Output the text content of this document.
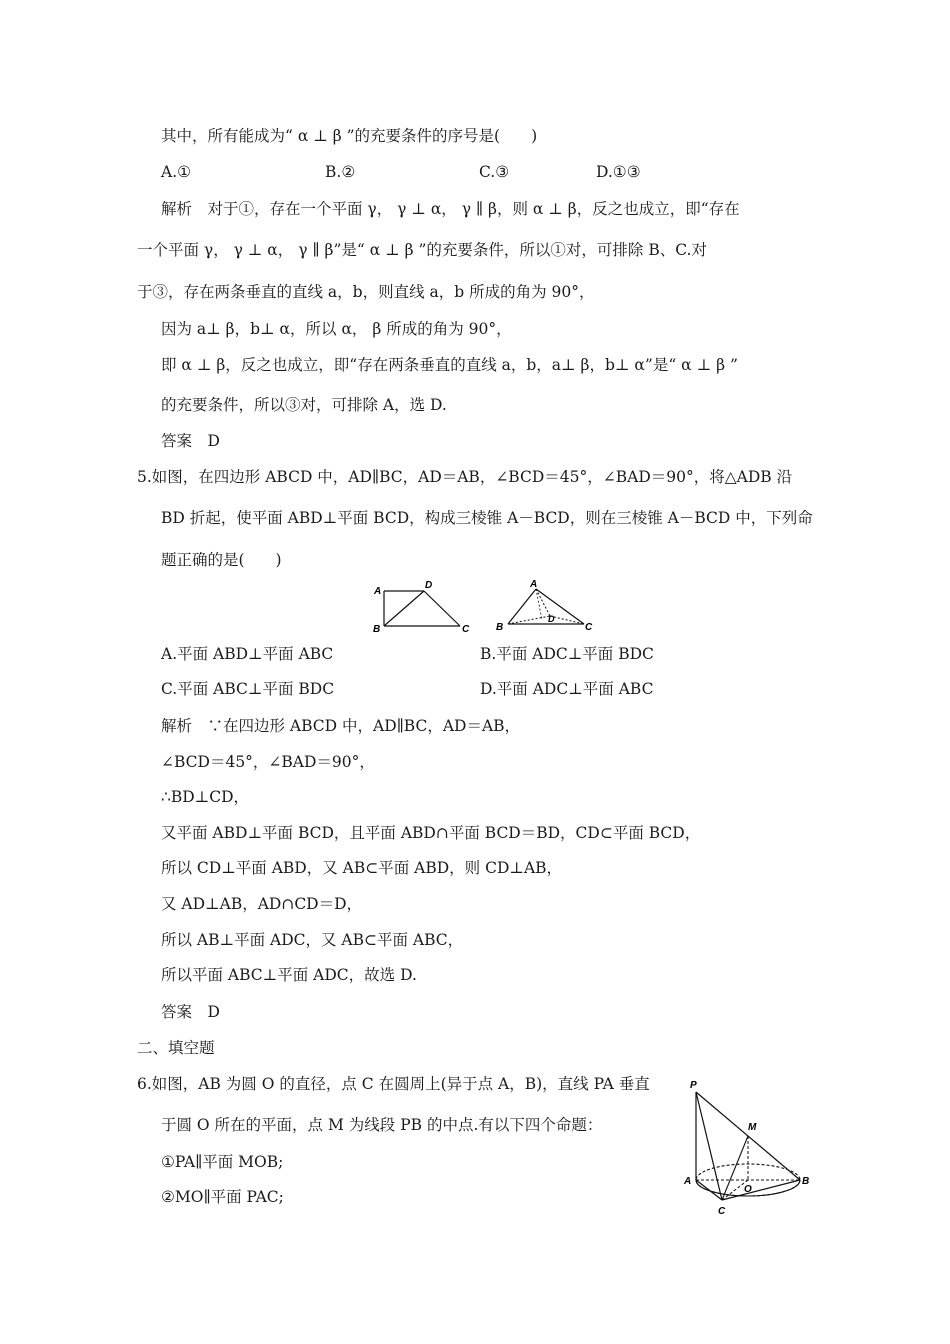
其中，所有能成为“ α ⊥ β ”的充要条件的序号是(　　)
A.①	B.②	C.③	D.①③
解析　对于①，存在一个平面 γ， γ ⊥ α， γ ∥ β，则 α ⊥ β，反之也成立，即“存在
一个平面 γ， γ ⊥ α， γ ∥ β”是“ α ⊥ β ”的充要条件，所以①对，可排除 B、C.对
于③，存在两条垂直的直线 a，b，则直线 a，b 所成的角为 90°，
因为 a⊥ β，b⊥ α，所以 α， β 所成的角为 90°，
即 α ⊥ β，反之也成立，即“存在两条垂直的直线 a，b，a⊥ β，b⊥ α”是“ α ⊥ β ”
的充要条件，所以③对，可排除 A，选 D.
答案　D
5.如图，在四边形 ABCD 中，AD∥BC，AD＝AB，∠BCD＝45°，∠BAD＝90°，将△ADB 沿
BD 折起，使平面 ABD⊥平面 BCD，构成三棱锥 A－BCD，则在三棱锥 A－BCD 中，下列命
题正确的是(　　)
A
D
B	C
A
D
B	C
A.平面 ABD⊥平面 ABC	B.平面 ADC⊥平面 BDC
C.平面 ABC⊥平面 BDC	D.平面 ADC⊥平面 ABC
解析　∵在四边形 ABCD 中，AD∥BC，AD＝AB，
∠BCD＝45°，∠BAD＝90°，
∴BD⊥CD，
又平面 ABD⊥平面 BCD，且平面 ABD∩平面 BCD＝BD，CD⊂平面 BCD，
所以 CD⊥平面 ABD，又 AB⊂平面 ABD，则 CD⊥AB，
又 AD⊥AB，AD∩CD＝D，
所以 AB⊥平面 ADC，又 AB⊂平面 ABC，
所以平面 ABC⊥平面 ADC，故选 D.
答案　D
二、填空题
6.如图，AB 为圆 O 的直径，点 C 在圆周上(异于点 A，B)，直线 PA 垂直
于圆 O 所在的平面，点 M 为线段 PB 的中点.有以下四个命题：
①PA∥平面 MOB;
②MO∥平面 PAC;
P
M
A
O
B
C
